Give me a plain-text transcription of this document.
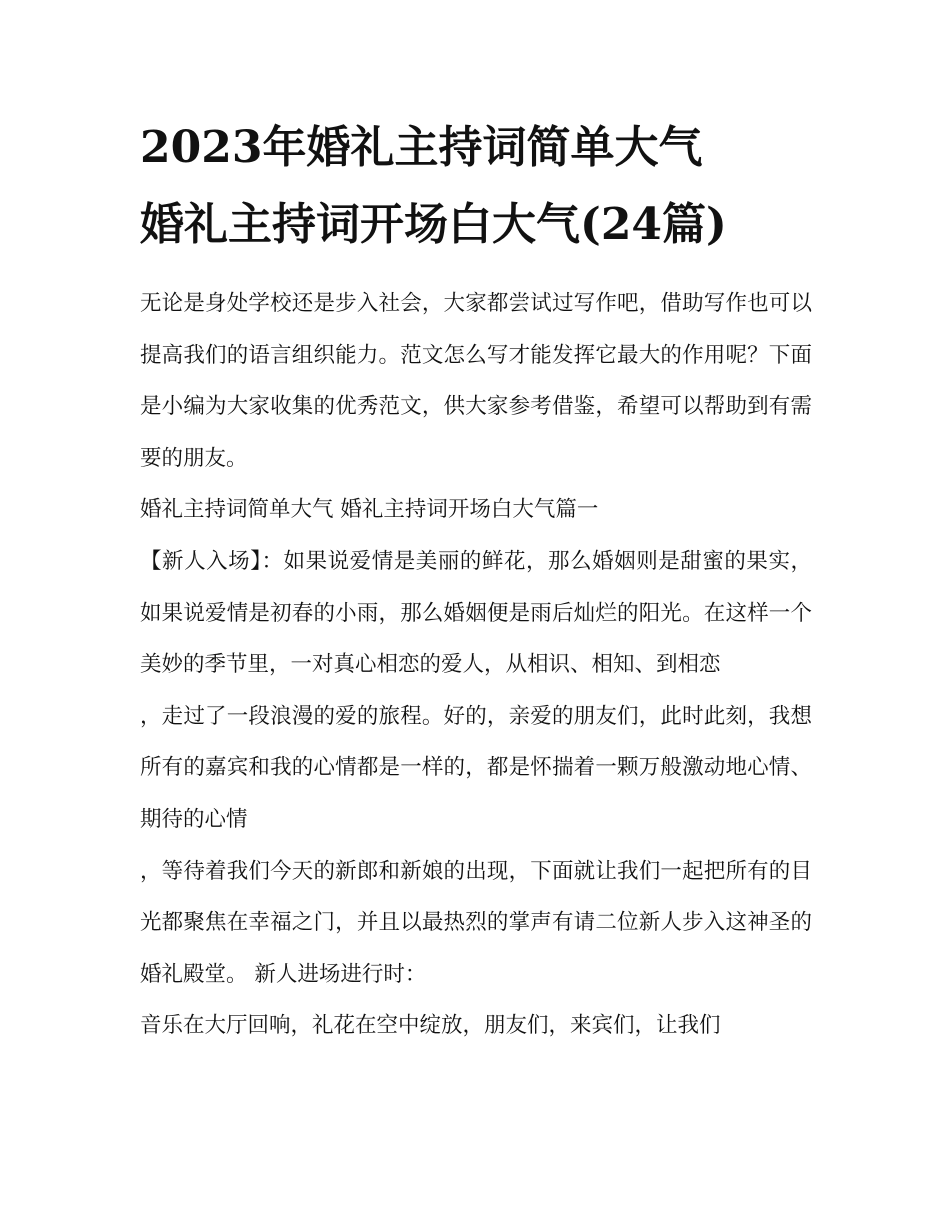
2023年婚礼主持词简单大气
婚礼主持词开场白大气(24篇)

无论是身处学校还是步入社会，大家都尝试过写作吧，借助写作也可以提高我们的语言组织能力。范文怎么写才能发挥它最大的作用呢？下面是小编为大家收集的优秀范文，供大家参考借鉴，希望可以帮助到有需要的朋友。

婚礼主持词简单大气 婚礼主持词开场白大气篇一

【新人入场】：如果说爱情是美丽的鲜花，那么婚姻则是甜蜜的果实，如果说爱情是初春的小雨，那么婚姻便是雨后灿烂的阳光。在这样一个美妙的季节里，一对真心相恋的爱人，从相识、相知、到相恋

，走过了一段浪漫的爱的旅程。好的，亲爱的朋友们，此时此刻，我想所有的嘉宾和我的心情都是一样的，都是怀揣着一颗万般激动地心情、期待的心情

，等待着我们今天的新郎和新娘的出现，下面就让我们一起把所有的目光都聚焦在幸福之门，并且以最热烈的掌声有请二位新人步入这神圣的婚礼殿堂。 新人进场进行时：

音乐在大厅回响，礼花在空中绽放，朋友们，来宾们，让我们
